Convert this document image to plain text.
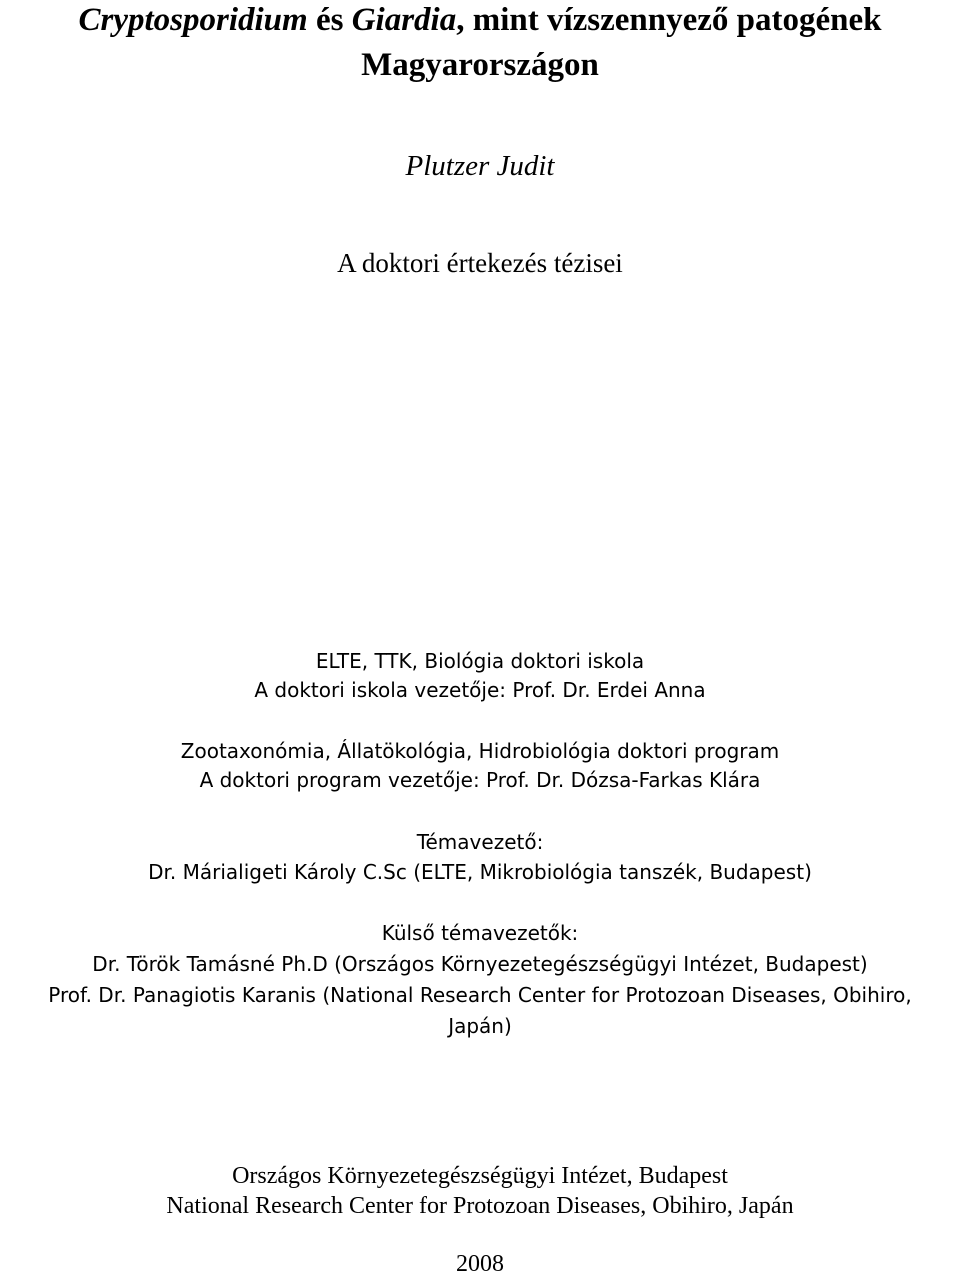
Cryptosporidium és Giardia, mint vízszennyező patogének
Magyarországon
Plutzer Judit
A doktori értekezés tézisei
ELTE, TTK, Biológia doktori iskola
A doktori iskola vezetője: Prof. Dr. Erdei Anna
Zootaxonómia, Állatökológia, Hidrobiológia doktori program
A doktori program vezetője: Prof. Dr. Dózsa-Farkas Klára
Témavezető:
Dr. Márialigeti Károly C.Sc (ELTE, Mikrobiológia tanszék, Budapest)
Külső témavezetők:
Dr. Török Tamásné Ph.D (Országos Környezetegészségügyi Intézet, Budapest)
Prof. Dr. Panagiotis Karanis (National Research Center for Protozoan Diseases, Obihiro,
Japán)
Országos Környezetegészségügyi Intézet, Budapest
National Research Center for Protozoan Diseases, Obihiro, Japán
2008
